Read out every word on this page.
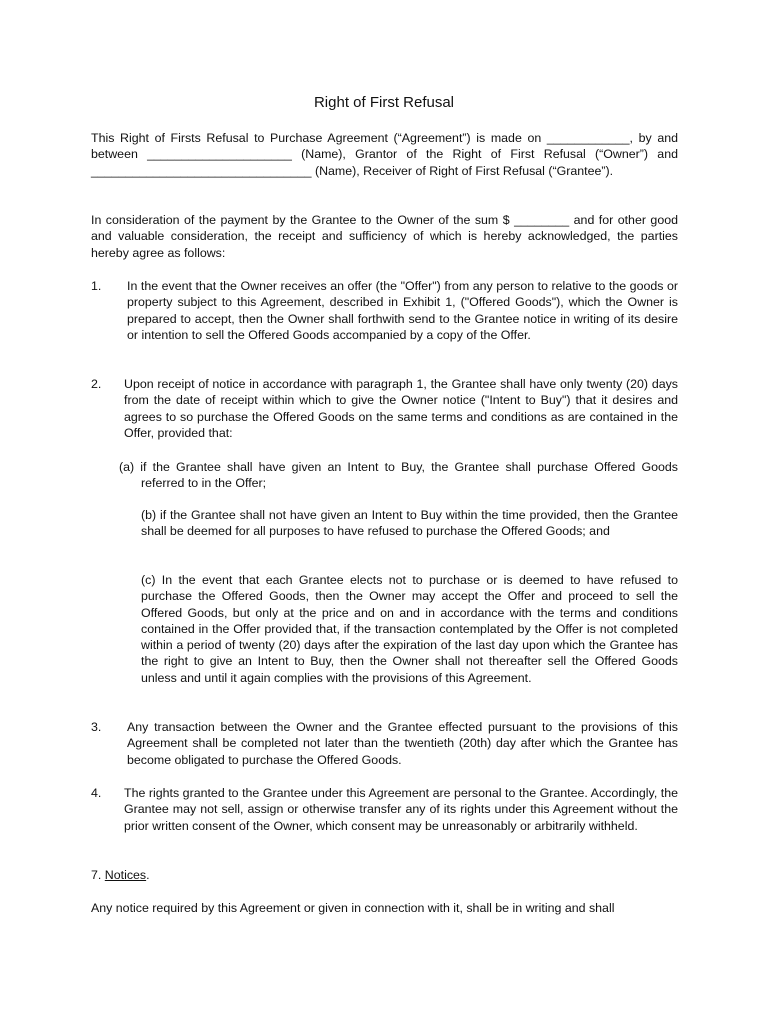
Right of First Refusal
This Right of Firsts Refusal to Purchase Agreement (“Agreement”) is made on ____________, by and between _____________________ (Name), Grantor of the Right of First Refusal (“Owner”) and ________________________________ (Name), Receiver of Right of First Refusal (“Grantee”).
In consideration of the payment by the Grantee to the Owner of the sum $ ________ and for other good and valuable consideration, the receipt and sufficiency of which is hereby acknowledged, the parties hereby agree as follows:
1. In the event that the Owner receives an offer (the "Offer") from any person to relative to the goods or property subject to this Agreement, described in Exhibit 1, ("Offered Goods"), which the Owner is prepared to accept, then the Owner shall forthwith send to the Grantee notice in writing of its desire or intention to sell the Offered Goods accompanied by a copy of the Offer.
2. Upon receipt of notice in accordance with paragraph 1, the Grantee shall have only twenty (20) days from the date of receipt within which to give the Owner notice ("Intent to Buy") that it desires and agrees to so purchase the Offered Goods on the same terms and conditions as are contained in the Offer, provided that:
(a) if the Grantee shall have given an Intent to Buy, the Grantee shall purchase Offered Goods referred to in the Offer;
(b) if the Grantee shall not have given an Intent to Buy within the time provided, then the Grantee shall be deemed for all purposes to have refused to purchase the Offered Goods; and
(c) In the event that each Grantee elects not to purchase or is deemed to have refused to purchase the Offered Goods, then the Owner may accept the Offer and proceed to sell the Offered Goods, but only at the price and on and in accordance with the terms and conditions contained in the Offer provided that, if the transaction contemplated by the Offer is not completed within a period of twenty (20) days after the expiration of the last day upon which the Grantee has the right to give an Intent to Buy, then the Owner shall not thereafter sell the Offered Goods unless and until it again complies with the provisions of this Agreement.
3. Any transaction between the Owner and the Grantee effected pursuant to the provisions of this Agreement shall be completed not later than the twentieth (20th) day after which the Grantee has become obligated to purchase the Offered Goods.
4. The rights granted to the Grantee under this Agreement are personal to the Grantee. Accordingly, the Grantee may not sell, assign or otherwise transfer any of its rights under this Agreement without the prior written consent of the Owner, which consent may be unreasonably or arbitrarily withheld.
7. Notices.
Any notice required by this Agreement or given in connection with it, shall be in writing and shall
